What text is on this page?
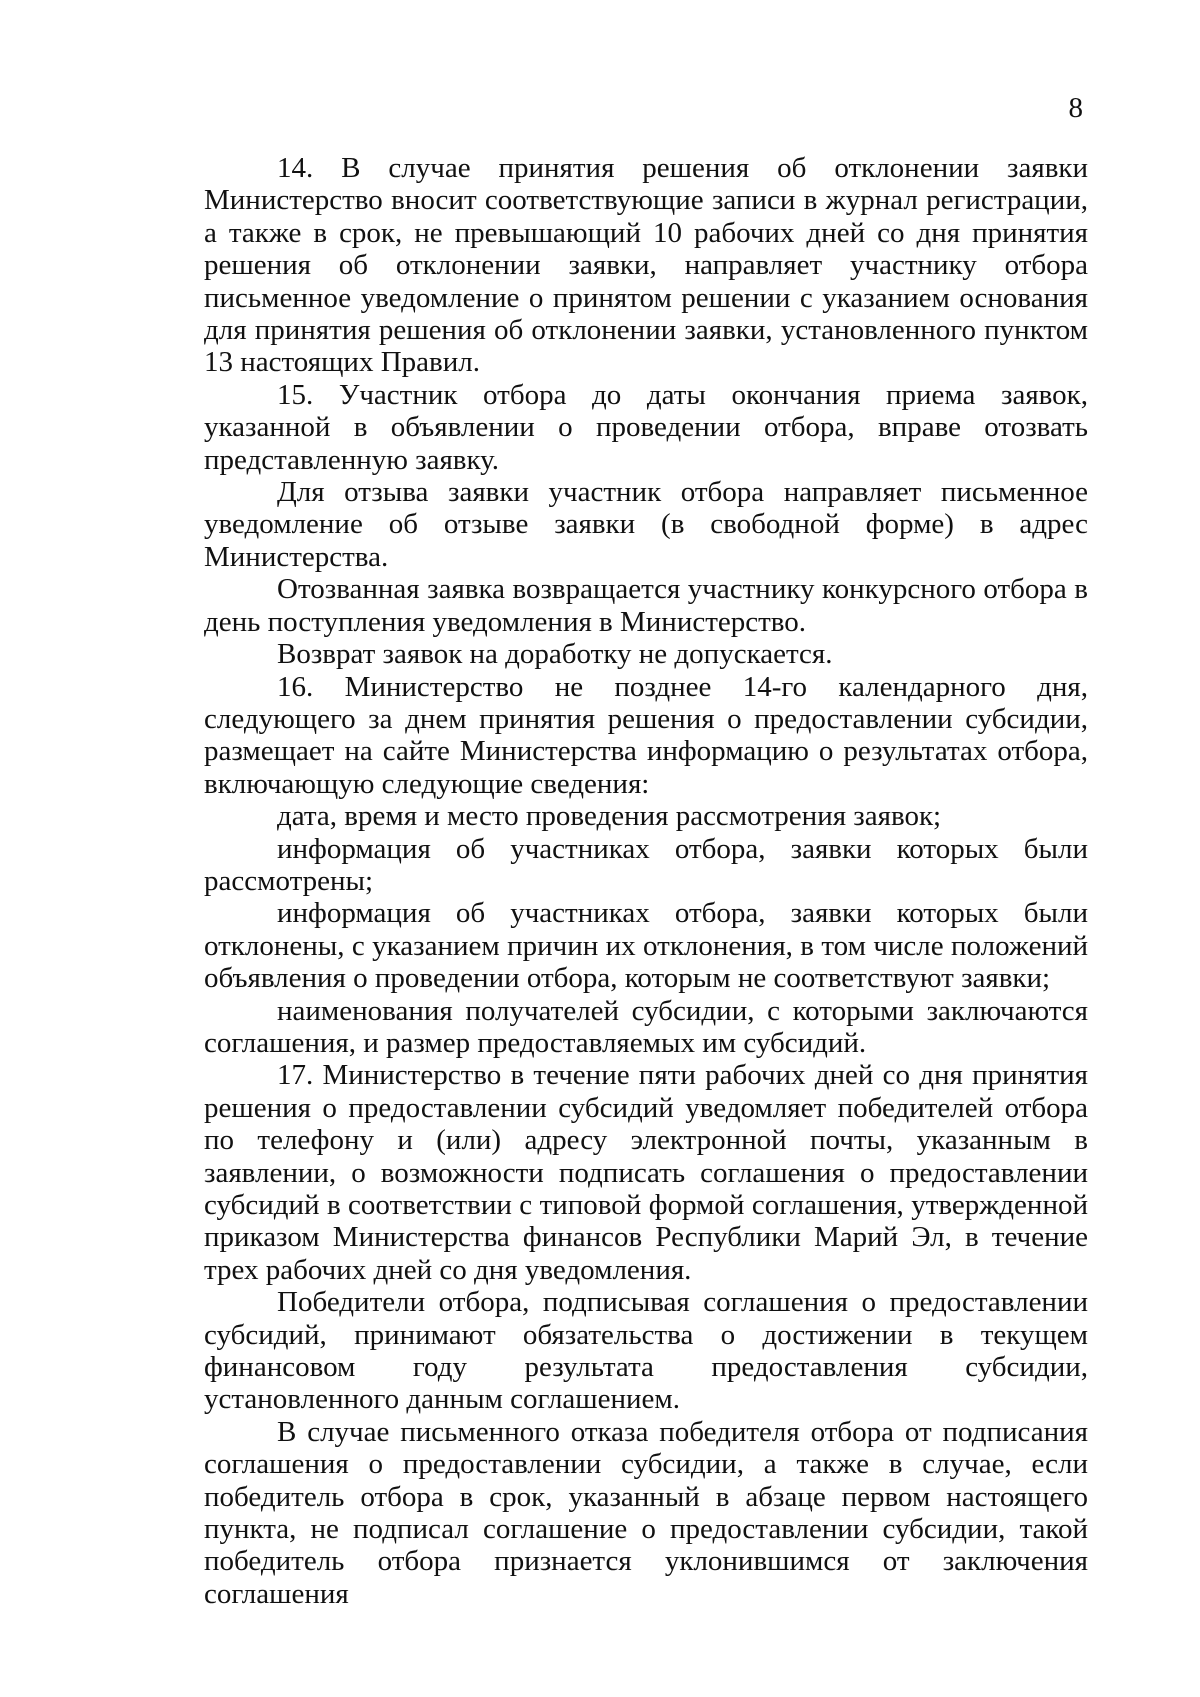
8

14. В случае принятия решения об отклонении заявки Министерство вносит соответствующие записи в журнал регистрации, а также в срок, не превышающий 10 рабочих дней со дня принятия решения об отклонении заявки, направляет участнику отбора письменное уведомление о принятом решении с указанием основания для принятия решения об отклонении заявки, установленного пунктом 13 настоящих Правил.

15. Участник отбора до даты окончания приема заявок, указанной в объявлении о проведении отбора, вправе отозвать представленную заявку.

Для отзыва заявки участник отбора направляет письменное уведомление об отзыве заявки (в свободной форме) в адрес Министерства.

Отозванная заявка возвращается участнику конкурсного отбора в день поступления уведомления в Министерство.

Возврат заявок на доработку не допускается.

16. Министерство не позднее 14-го календарного дня, следующего за днем принятия решения о предоставлении субсидии, размещает на сайте Министерства информацию о результатах отбора, включающую следующие сведения:

дата, время и место проведения рассмотрения заявок;

информация об участниках отбора, заявки которых были рассмотрены;

информация об участниках отбора, заявки которых были отклонены, с указанием причин их отклонения, в том числе положений объявления о проведении отбора, которым не соответствуют заявки;

наименования получателей субсидии, с которыми заключаются соглашения, и размер предоставляемых им субсидий.

17. Министерство в течение пяти рабочих дней со дня принятия решения о предоставлении субсидий уведомляет победителей отбора по телефону и (или) адресу электронной почты, указанным в заявлении, о возможности подписать соглашения о предоставлении субсидий в соответствии с типовой формой соглашения, утвержденной приказом Министерства финансов Республики Марий Эл, в течение трех рабочих дней со дня уведомления.

Победители отбора, подписывая соглашения о предоставлении субсидий, принимают обязательства о достижении в текущем финансовом году результата предоставления субсидии, установленного данным соглашением.

В случае письменного отказа победителя отбора от подписания соглашения о предоставлении субсидии, а также в случае, если победитель отбора в срок, указанный в абзаце первом настоящего пункта, не подписал соглашение о предоставлении субсидии, такой победитель отбора признается уклонившимся от заключения соглашения
